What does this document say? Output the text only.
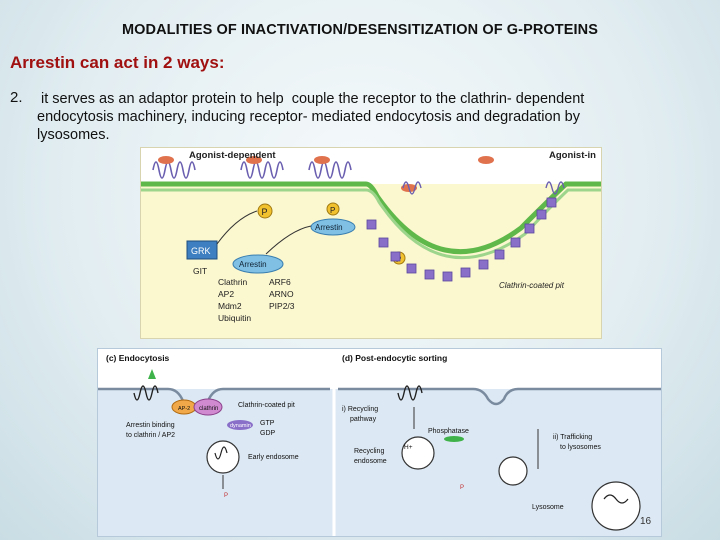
MODALITIES OF INACTIVATION/DESENSITIZATION OF G-PROTEINS
Arrestin can act in 2 ways:
2. it serves as an adaptor protein to help  couple the receptor to the clathrin- dependent
endocytosis machinery, inducing receptor- mediated endocytosis and degradation by
lysosomes.
Agonist-dependent	Agonist-in
P	P
Arrestin
GRK
Arrestin
GIT
Clathrin
AP2
Mdm2
Ubiquitin
ARF6
ARNO
PIP2/3
Clathrin-coated pit
(c) Endocytosis
AP-2 clathrin	Clathrin-coated pit
Arrestin binding
to clathrin / AP2
dynamin GTP
GDP
Early endosome
P
(d) Post-endocytic sorting
i) Recycling
pathway
Phosphatase
H+
Recycling
endosome
P
ii) Trafficking
to lysosomes
Lysosome
16
